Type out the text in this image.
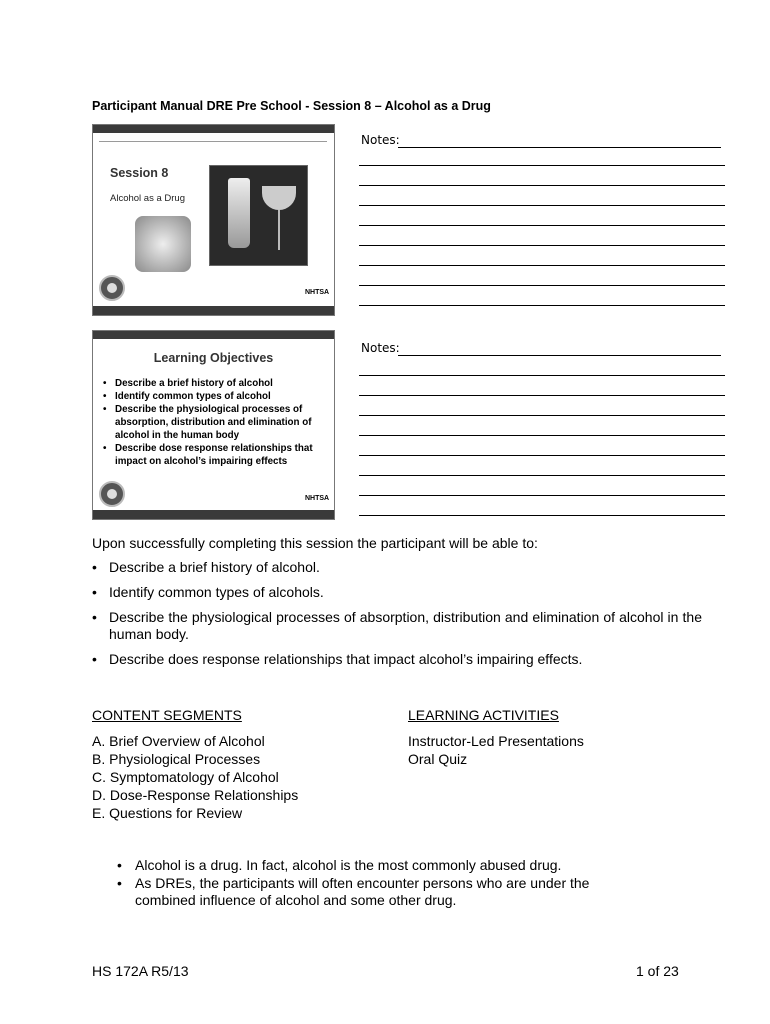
Participant Manual DRE Pre School - Session 8 – Alcohol as a Drug
Session 8
Alcohol as a Drug
NHTSA
Learning Objectives
• Describe a brief history of alcohol
• Identify common types of alcohol
• Describe the physiological processes of absorption, distribution and elimination of alcohol in the human body
• Describe dose response relationships that impact on alcohol’s impairing effects
NHTSA
Notes:
Notes:
Upon successfully completing this session the participant will be able to:
• Describe a brief history of alcohol.
• Identify common types of alcohols.
• Describe the physiological processes of absorption, distribution and elimination of alcohol in the human body.
• Describe does response relationships that impact alcohol’s impairing effects.
CONTENT SEGMENTS	LEARNING ACTIVITIES
A. Brief Overview of Alcohol
B. Physiological Processes
C. Symptomatology of Alcohol
D. Dose-Response Relationships
E. Questions for Review
Instructor-Led Presentations
Oral Quiz
• Alcohol is a drug. In fact, alcohol is the most commonly abused drug.
• As DREs, the participants will often encounter persons who are under the combined influence of alcohol and some other drug.
HS 172A R5/13	1 of 23
